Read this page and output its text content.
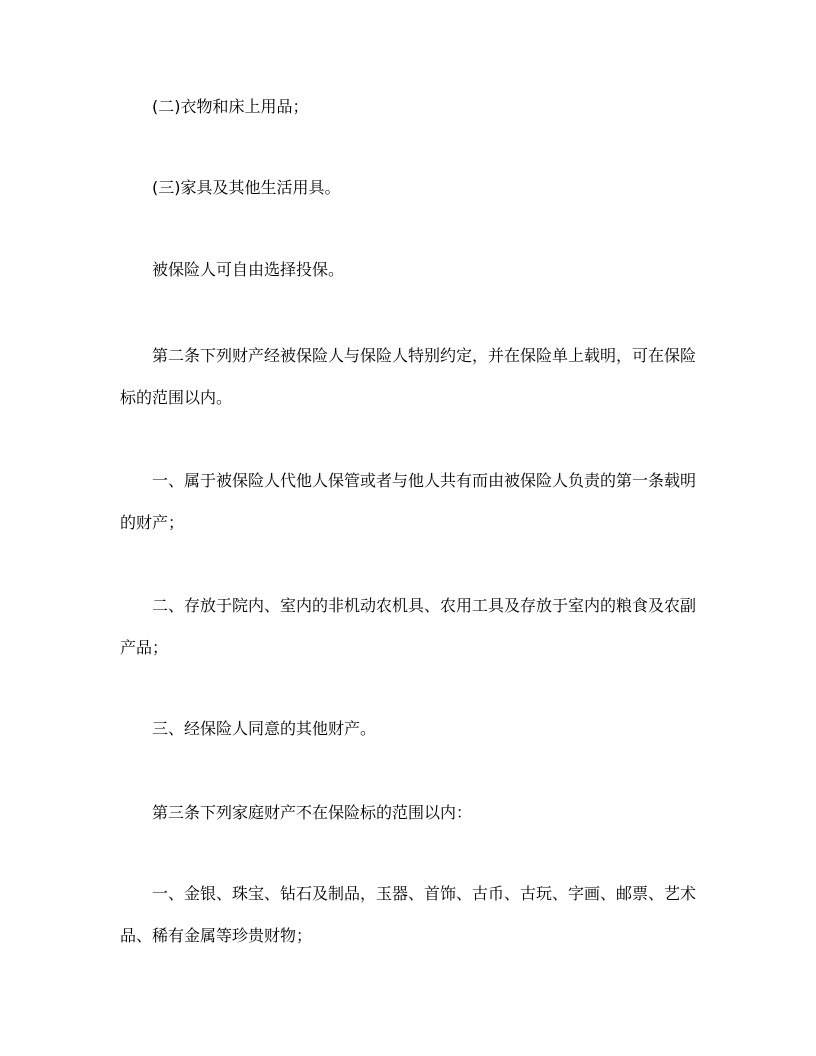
(二)衣物和床上用品；
(三)家具及其他生活用具。
被保险人可自由选择投保。
第二条下列财产经被保险人与保险人特别约定，并在保险单上载明，可在保险
标的范围以内。
一、属于被保险人代他人保管或者与他人共有而由被保险人负责的第一条载明
的财产；
二、存放于院内、室内的非机动农机具、农用工具及存放于室内的粮食及农副
产品；
三、经保险人同意的其他财产。
第三条下列家庭财产不在保险标的范围以内：
一、金银、珠宝、钻石及制品，玉器、首饰、古币、古玩、字画、邮票、艺术
品、稀有金属等珍贵财物；
